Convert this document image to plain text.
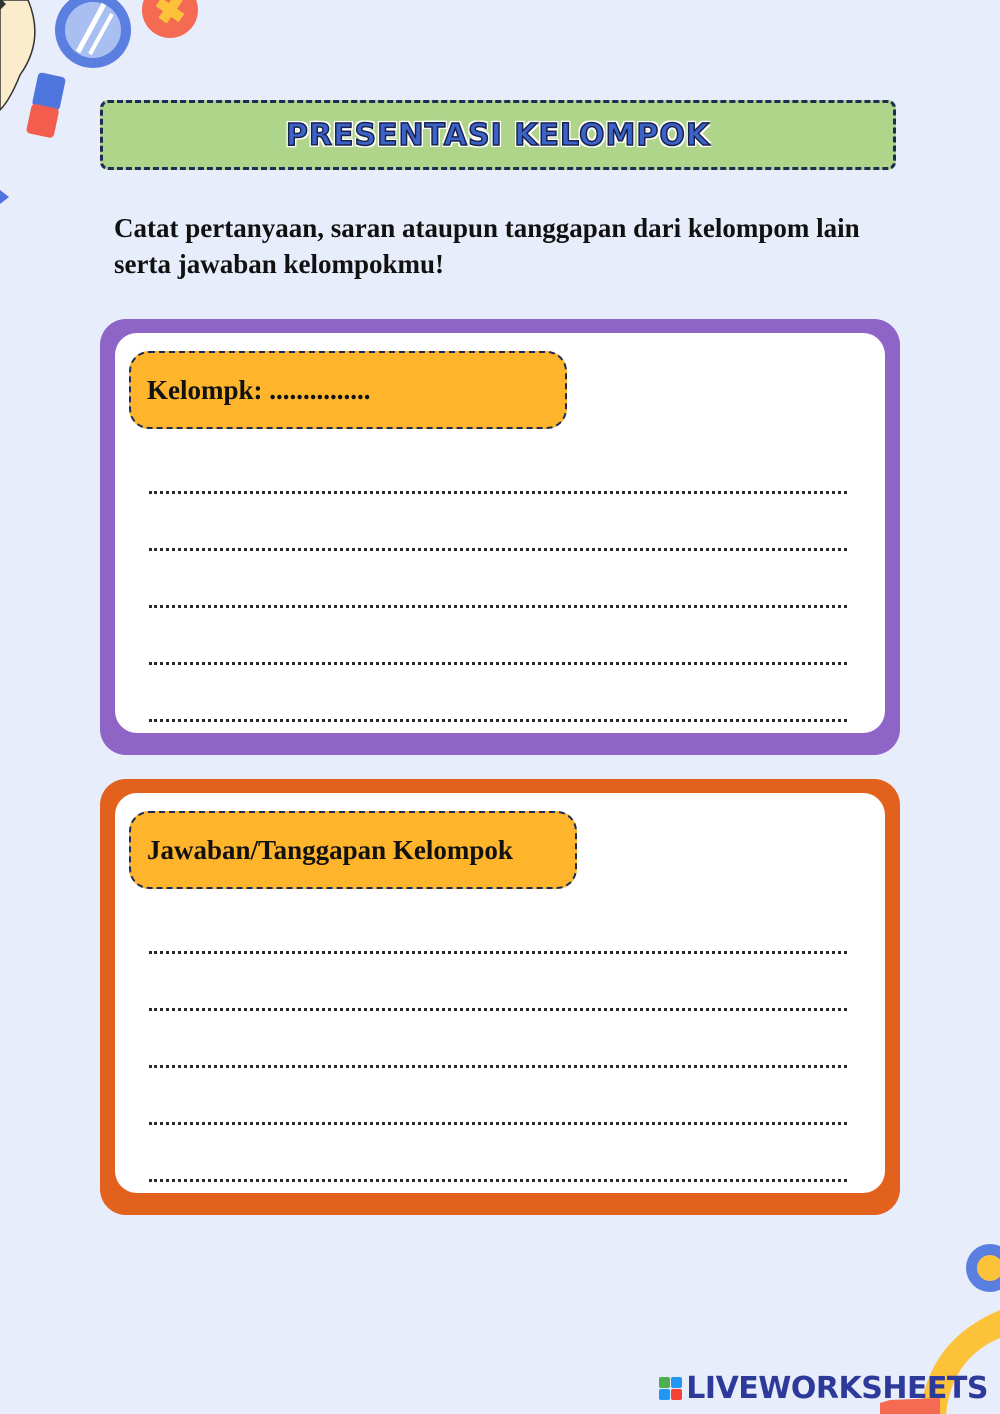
PRESENTASI KELOMPOK

Catat pertanyaan, saran ataupun tanggapan dari kelompom lain serta jawaban kelompokmu!

Kelompk: ...............
Jawaban/Tanggapan Kelompok
LIVEWORKSHEETS
